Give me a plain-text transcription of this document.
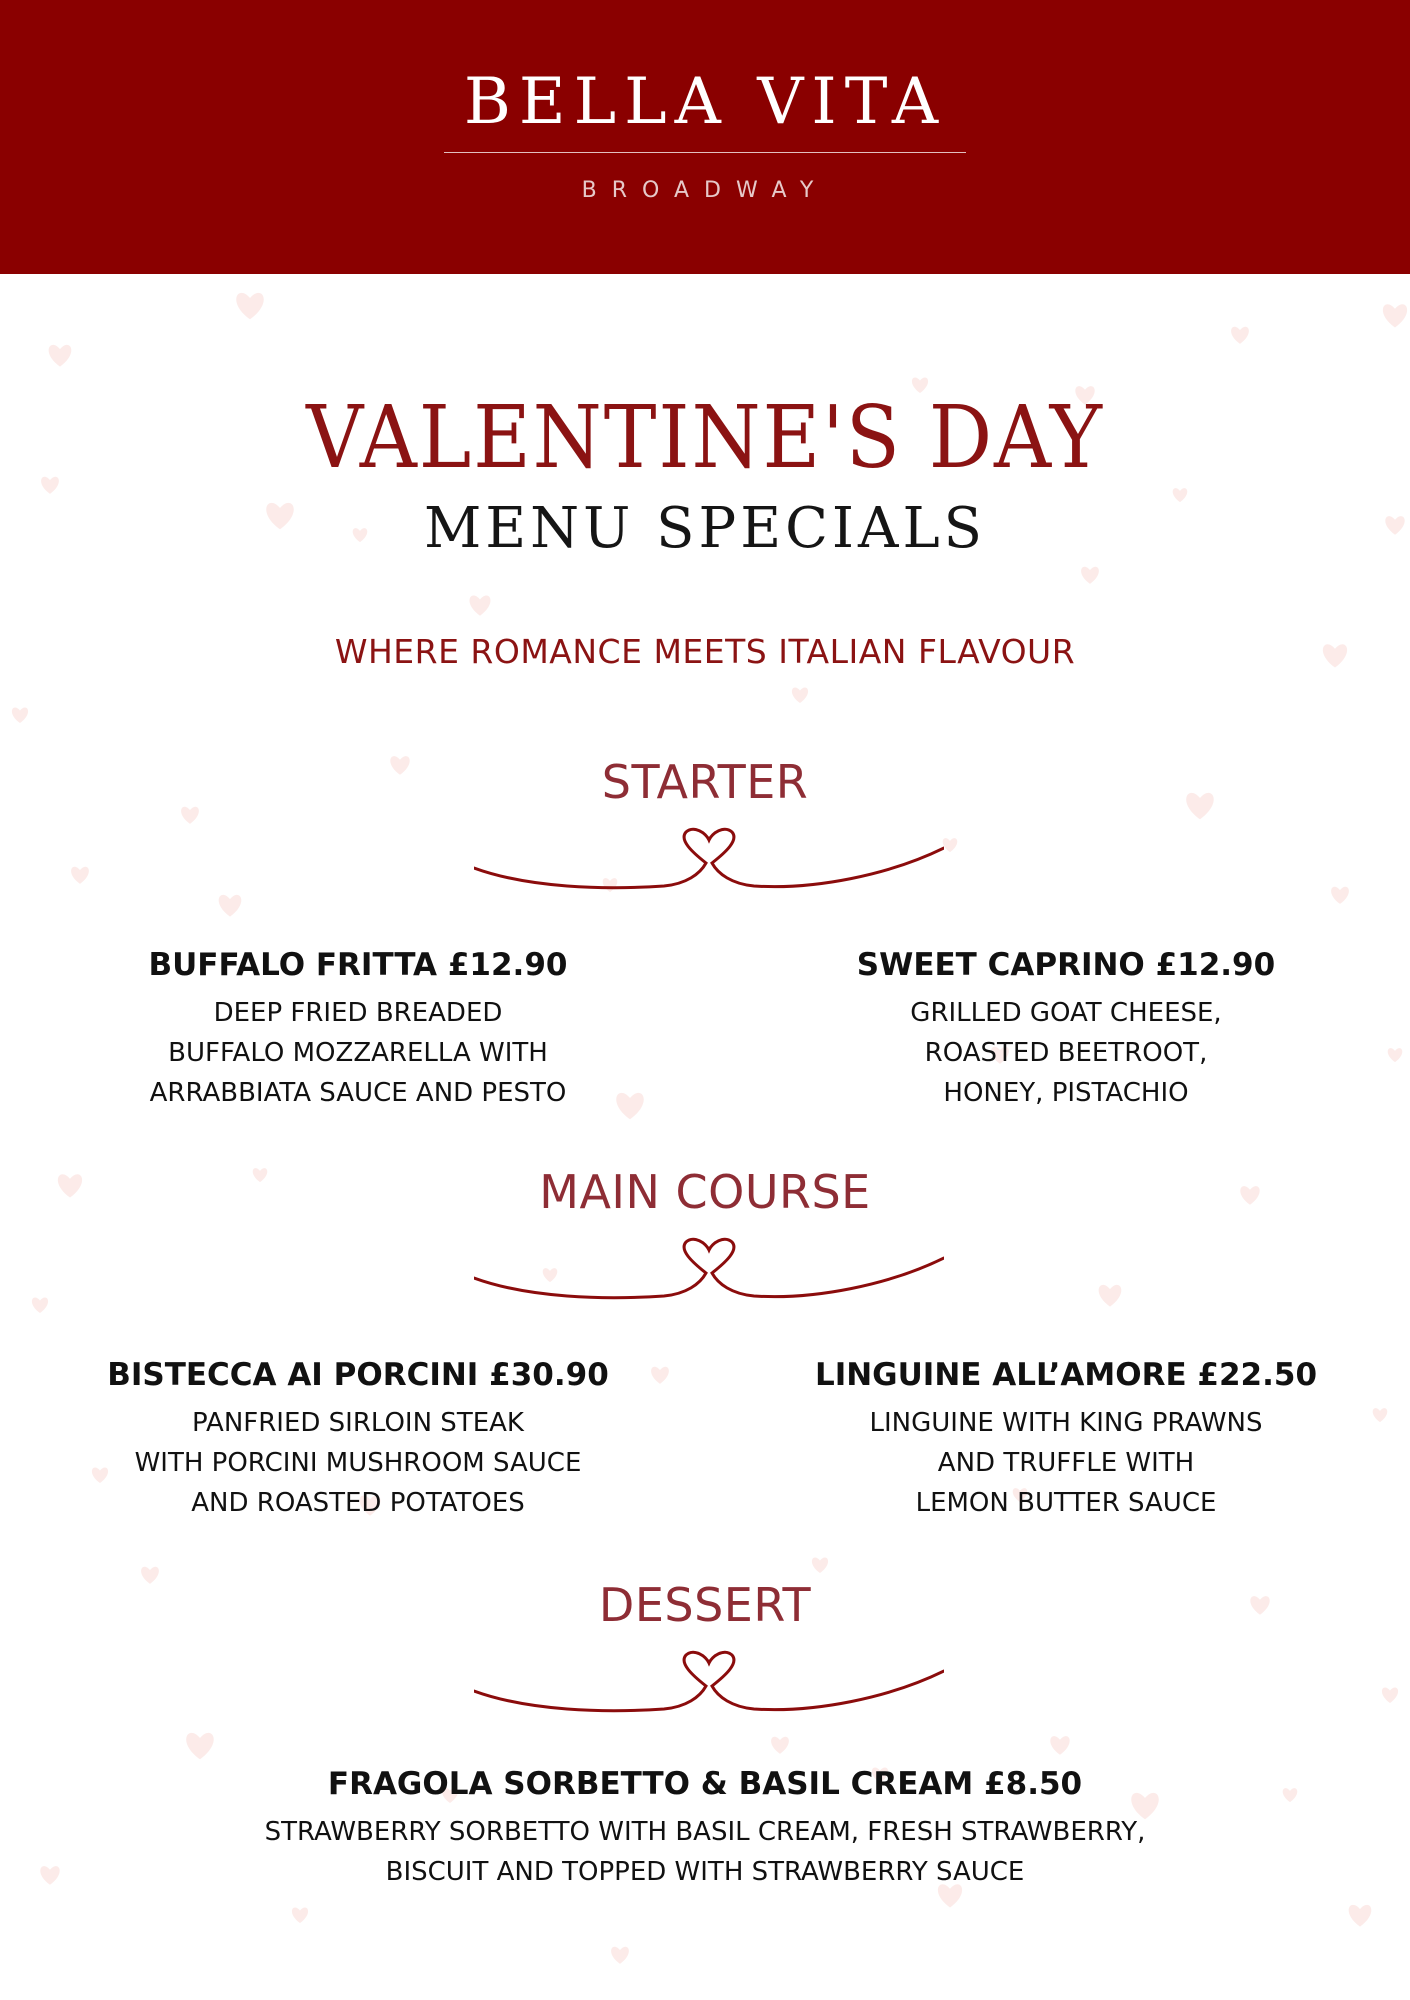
BELLA VITA
BROADWAY
VALENTINE'S DAY
MENU SPECIALS
WHERE ROMANCE MEETS ITALIAN FLAVOUR
STARTER
BUFFALO FRITTA £12.90
DEEP FRIED BREADED
BUFFALO MOZZARELLA WITH
ARRABBIATA SAUCE AND PESTO
SWEET CAPRINO £12.90
GRILLED GOAT CHEESE,
ROASTED BEETROOT,
HONEY, PISTACHIO
MAIN COURSE
BISTECCA AI PORCINI £30.90
PANFRIED SIRLOIN STEAK
WITH PORCINI MUSHROOM SAUCE
AND ROASTED POTATOES
LINGUINE ALL’AMORE £22.50
LINGUINE WITH KING PRAWNS
AND TRUFFLE WITH
LEMON BUTTER SAUCE
DESSERT
FRAGOLA SORBETTO & BASIL CREAM £8.50
STRAWBERRY SORBETTO WITH BASIL CREAM, FRESH STRAWBERRY,
BISCUIT AND TOPPED WITH STRAWBERRY SAUCE
